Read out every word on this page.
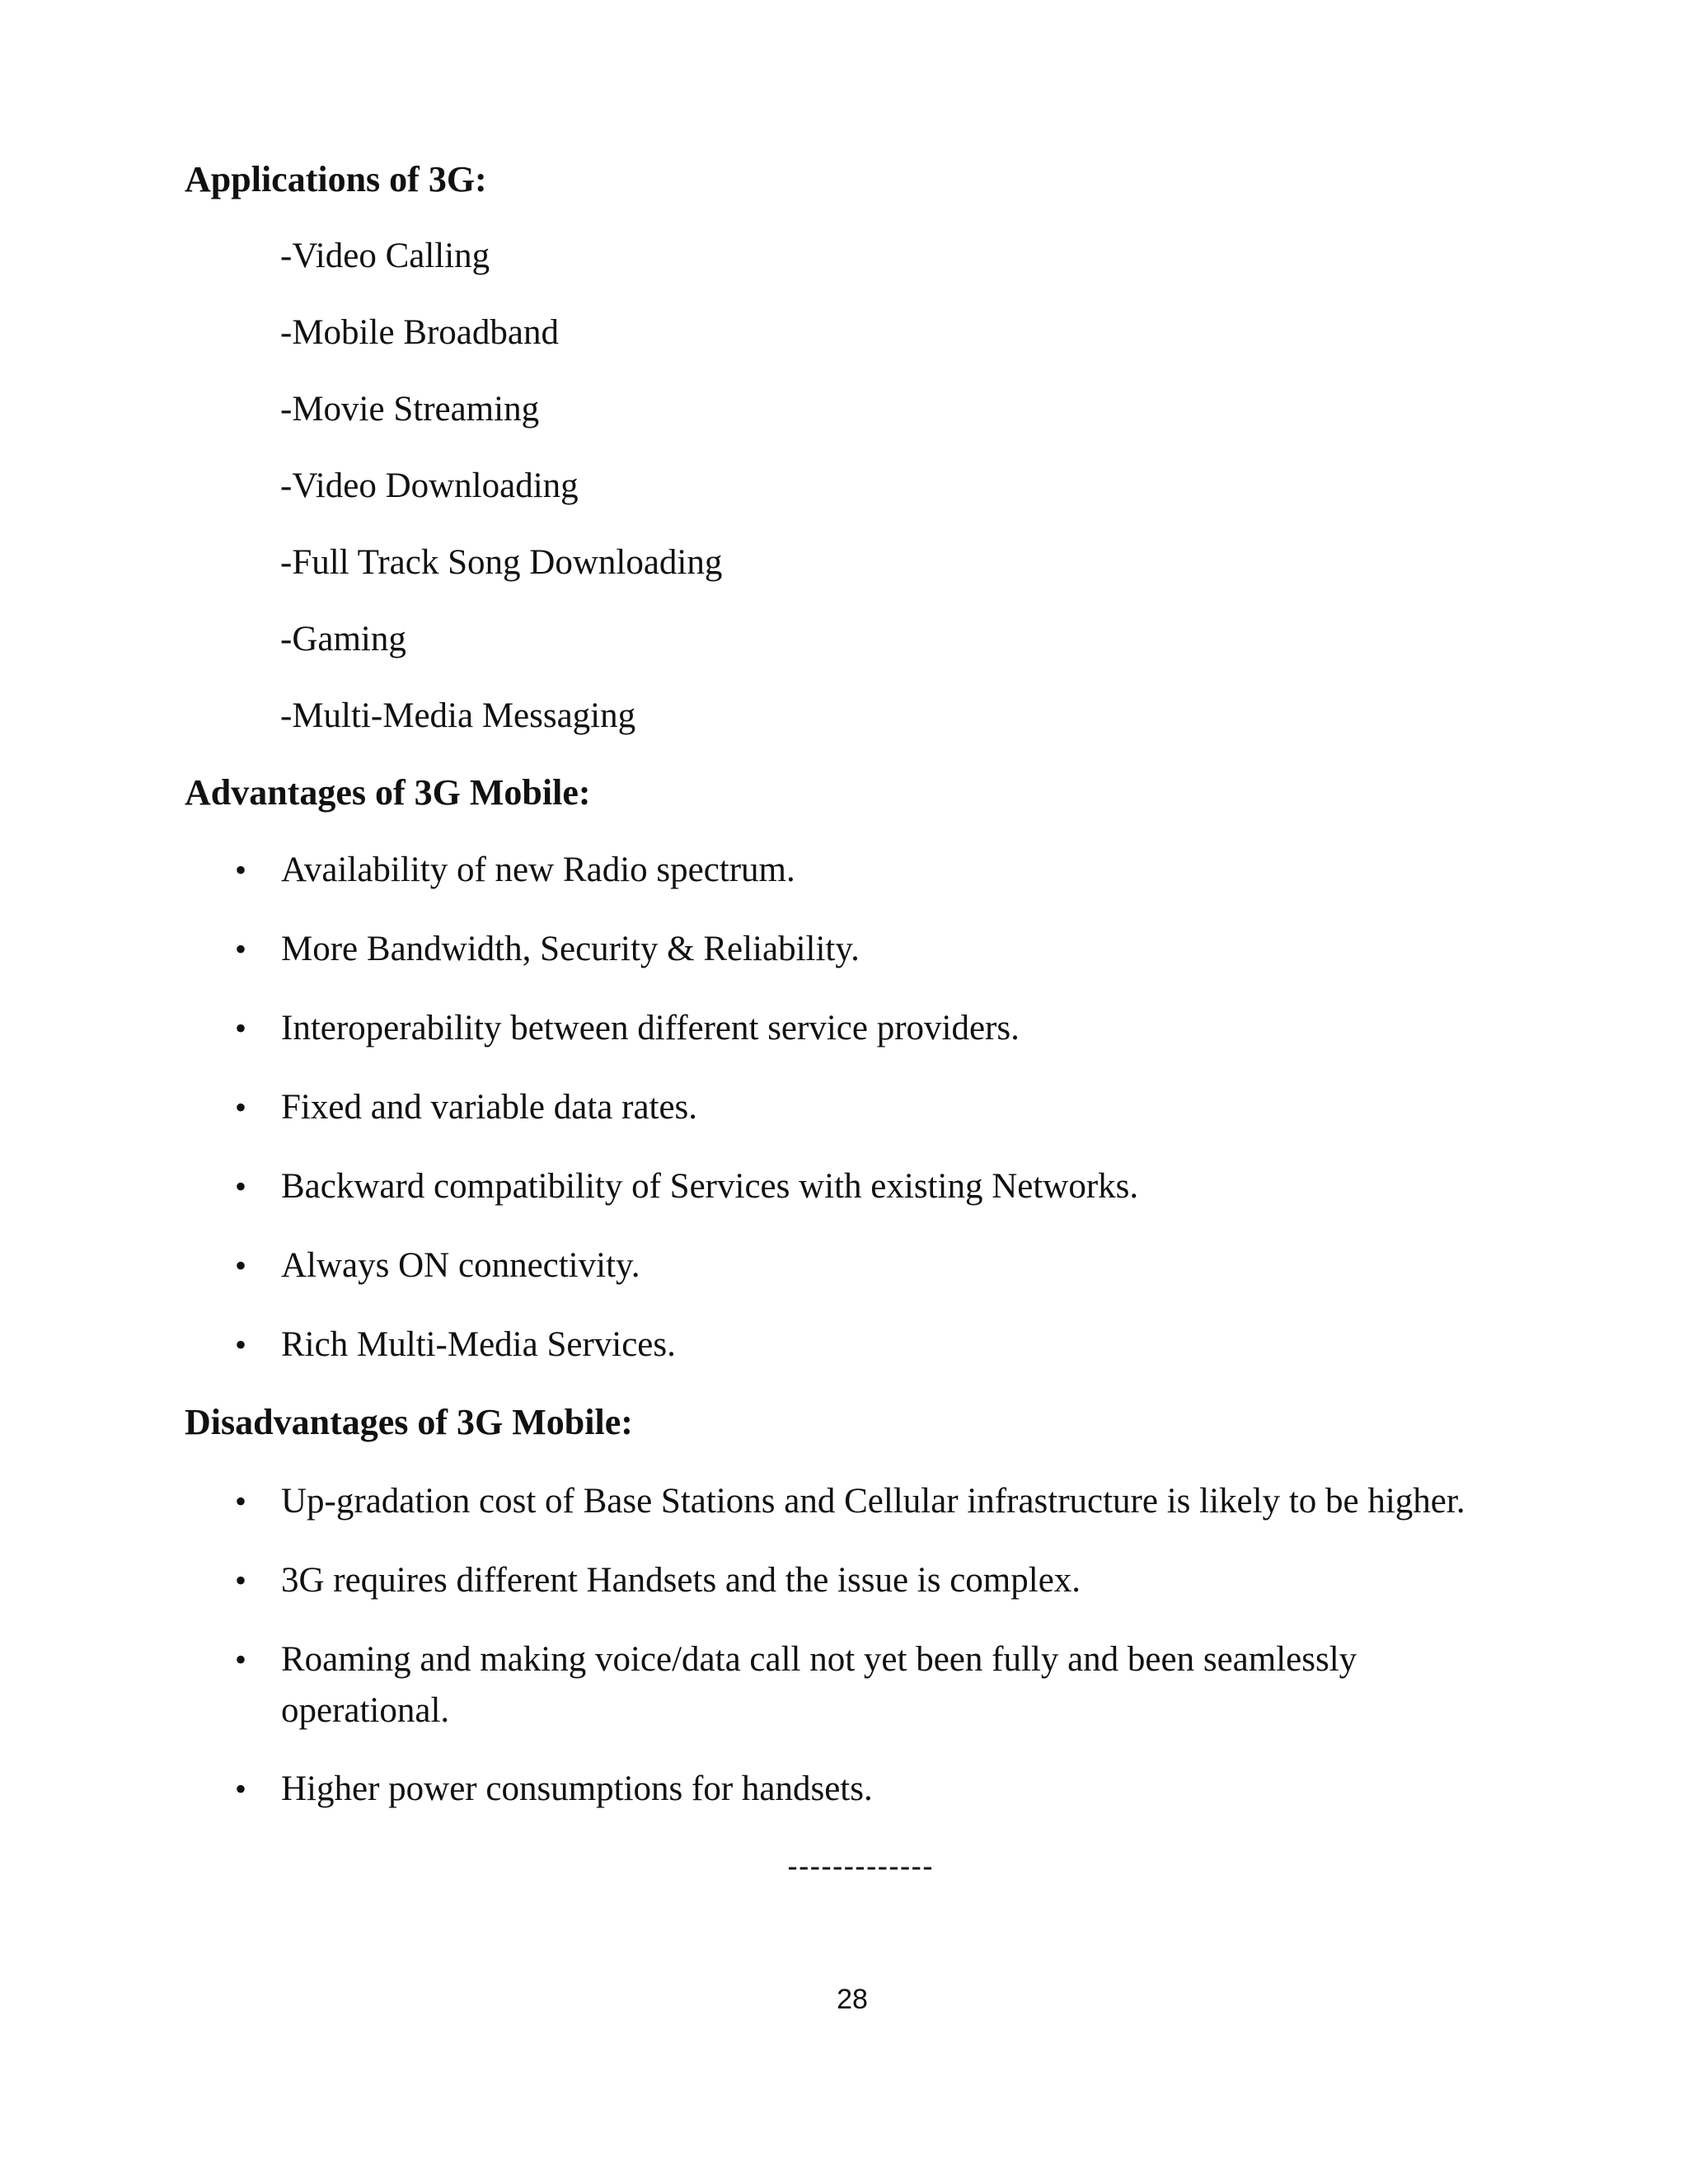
Applications of 3G:
-Video Calling
-Mobile Broadband
-Movie Streaming
-Video Downloading
-Full Track Song Downloading
-Gaming
-Multi-Media Messaging
Advantages of 3G Mobile:
• Availability of new Radio spectrum.
• More Bandwidth, Security & Reliability.
• Interoperability between different service providers.
• Fixed and variable data rates.
• Backward compatibility of Services with existing Networks.
• Always ON connectivity.
• Rich Multi-Media Services.
Disadvantages of 3G Mobile:
• Up-gradation cost of Base Stations and Cellular infrastructure is likely to be higher.
• 3G requires different Handsets and the issue is complex.
• Roaming and making voice/data call not yet been fully and been seamlessly operational.
• Higher power consumptions for handsets.
-------------
28
